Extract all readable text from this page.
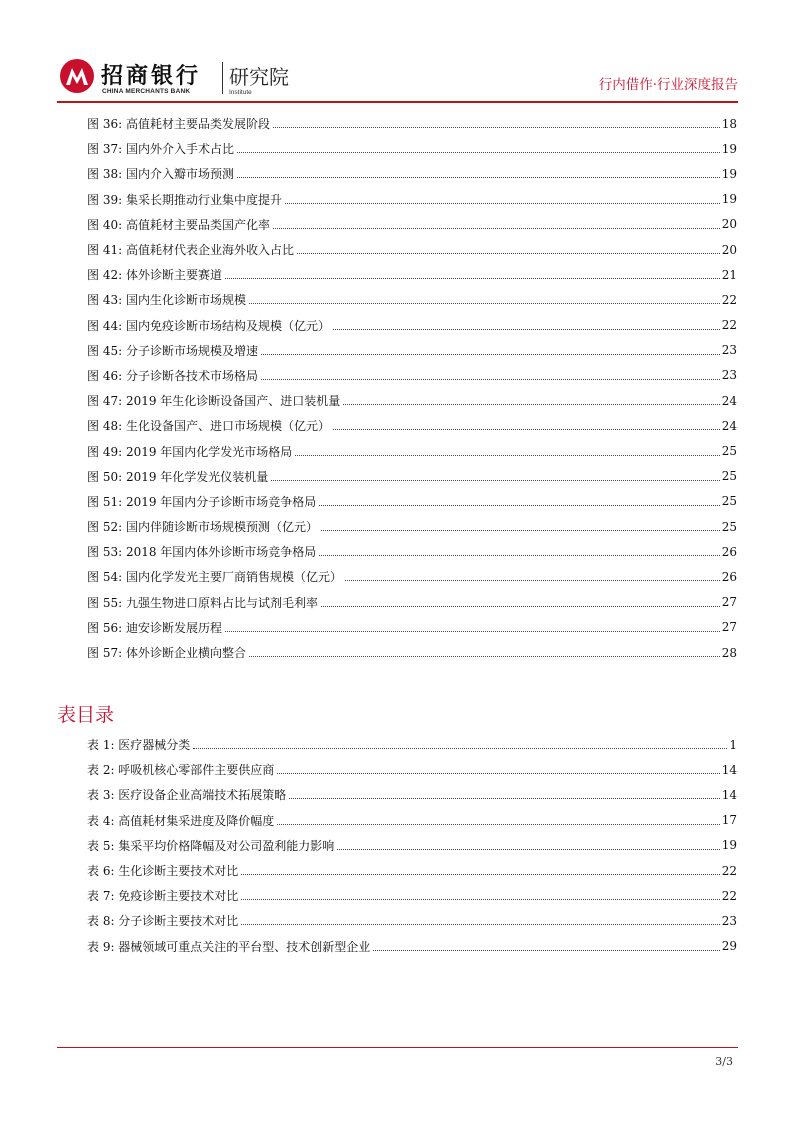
招商银行
CHINA MERCHANTS BANK
研究院
Institute	行内借作·行业深度报告
图 36: 高值耗材主要品类发展阶段	18
图 37: 国内外介入手术占比	19
图 38: 国内介入瓣市场预测	19
图 39: 集采长期推动行业集中度提升	19
图 40: 高值耗材主要品类国产化率	20
图 41: 高值耗材代表企业海外收入占比	20
图 42: 体外诊断主要赛道	21
图 43: 国内生化诊断市场规模	22
图 44: 国内免疫诊断市场结构及规模（亿元）	22
图 45: 分子诊断市场规模及增速	23
图 46: 分子诊断各技术市场格局	23
图 47: 2019 年生化诊断设备国产、进口装机量	24
图 48: 生化设备国产、进口市场规模（亿元）	24
图 49: 2019 年国内化学发光市场格局	25
图 50: 2019 年化学发光仪装机量	25
图 51: 2019 年国内分子诊断市场竞争格局	25
图 52: 国内伴随诊断市场规模预测（亿元）	25
图 53: 2018 年国内体外诊断市场竞争格局	26
图 54: 国内化学发光主要厂商销售规模（亿元）	26
图 55: 九强生物进口原料占比与试剂毛利率	27
图 56: 迪安诊断发展历程	27
图 57: 体外诊断企业横向整合	28
表目录
表 1: 医疗器械分类	1
表 2: 呼吸机核心零部件主要供应商	14
表 3: 医疗设备企业高端技术拓展策略	14
表 4: 高值耗材集采进度及降价幅度	17
表 5: 集采平均价格降幅及对公司盈利能力影响	19
表 6: 生化诊断主要技术对比	22
表 7: 免疫诊断主要技术对比	22
表 8: 分子诊断主要技术对比	23
表 9: 器械领域可重点关注的平台型、技术创新型企业	29
3/3
